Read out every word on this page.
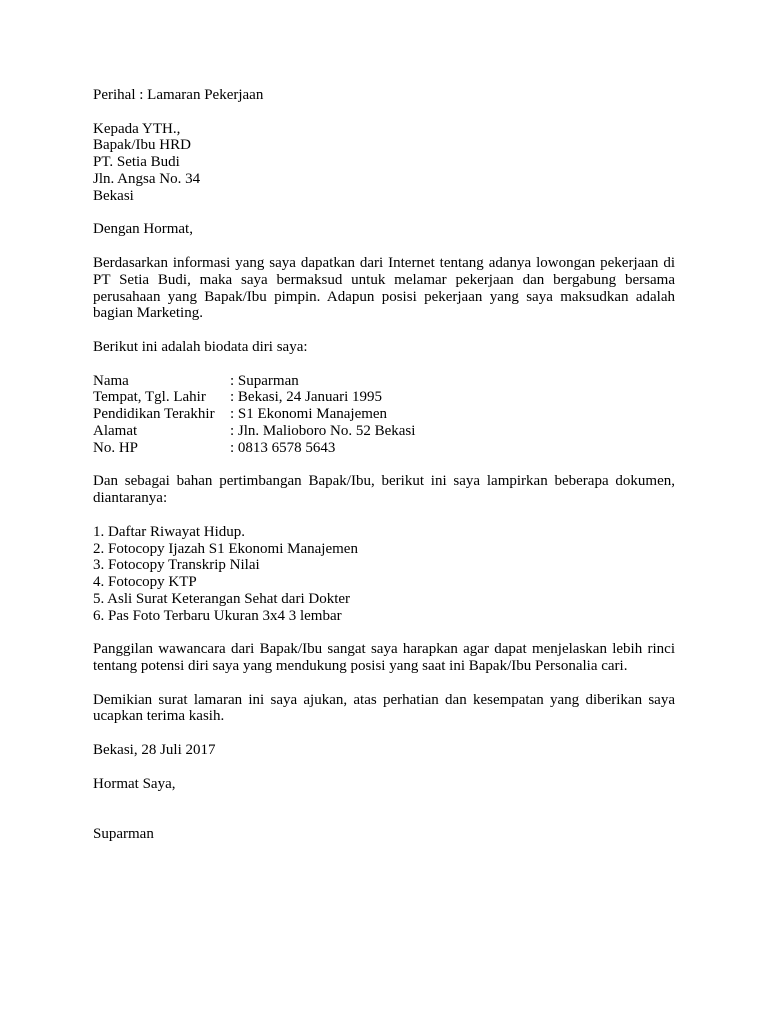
Perihal : Lamaran Pekerjaan

Kepada YTH.,

Bapak/Ibu HRD

PT. Setia Budi

Jln. Angsa No. 34

Bekasi

Dengan Hormat,

Berdasarkan informasi yang saya dapatkan dari Internet tentang adanya lowongan pekerjaan di PT Setia Budi, maka saya bermaksud untuk melamar pekerjaan dan bergabung bersama perusahaan yang Bapak/Ibu pimpin. Adapun posisi pekerjaan yang saya maksudkan adalah bagian Marketing.

Berikut ini adalah biodata diri saya:

Nama	: Suparman
Tempat, Tgl. Lahir	: Bekasi, 24 Januari 1995
Pendidikan Terakhir	: S1 Ekonomi Manajemen
Alamat	: Jln. Malioboro No. 52 Bekasi
No. HP	: 0813 6578 5643

Dan sebagai bahan pertimbangan Bapak/Ibu, berikut ini saya lampirkan beberapa dokumen, diantaranya:

1. Daftar Riwayat Hidup.

2. Fotocopy Ijazah S1 Ekonomi Manajemen

3. Fotocopy Transkrip Nilai

4. Fotocopy KTP

5. Asli Surat Keterangan Sehat dari Dokter

6. Pas Foto Terbaru Ukuran 3x4 3 lembar

Panggilan wawancara dari Bapak/Ibu sangat saya harapkan agar dapat menjelaskan lebih rinci tentang potensi diri saya yang mendukung posisi yang saat ini Bapak/Ibu Personalia cari.

Demikian surat lamaran ini saya ajukan, atas perhatian dan kesempatan yang diberikan saya ucapkan terima kasih.

Bekasi, 28 Juli 2017

Hormat Saya,

Suparman
